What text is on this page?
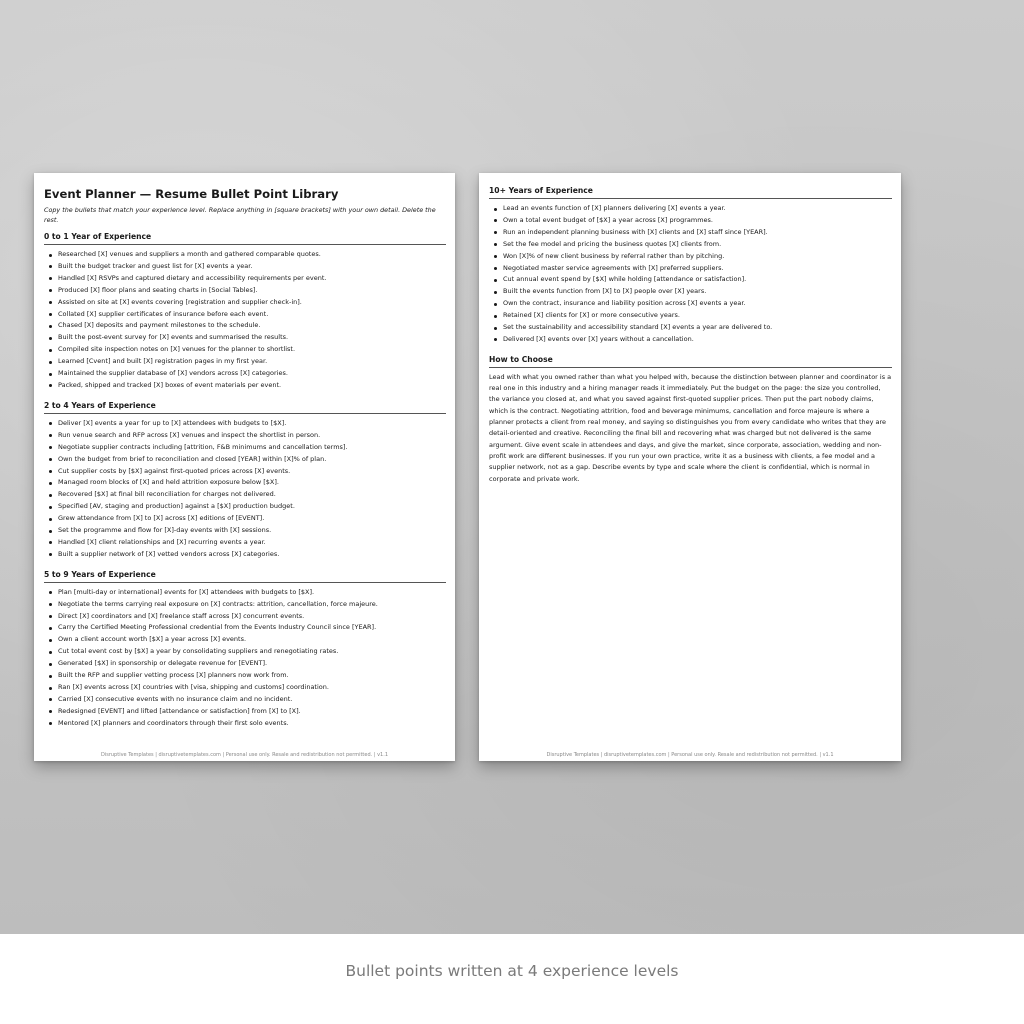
Event Planner — Resume Bullet Point Library

Copy the bullets that match your experience level. Replace anything in [square brackets] with your own detail. Delete the rest.

0 to 1 Year of Experience
Researched [X] venues and suppliers a month and gathered comparable quotes.
Built the budget tracker and guest list for [X] events a year.
Handled [X] RSVPs and captured dietary and accessibility requirements per event.
Produced [X] floor plans and seating charts in [Social Tables].
Assisted on site at [X] events covering [registration and supplier check-in].
Collated [X] supplier certificates of insurance before each event.
Chased [X] deposits and payment milestones to the schedule.
Built the post-event survey for [X] events and summarised the results.
Compiled site inspection notes on [X] venues for the planner to shortlist.
Learned [Cvent] and built [X] registration pages in my first year.
Maintained the supplier database of [X] vendors across [X] categories.
Packed, shipped and tracked [X] boxes of event materials per event.
2 to 4 Years of Experience
Deliver [X] events a year for up to [X] attendees with budgets to [$X].
Run venue search and RFP across [X] venues and inspect the shortlist in person.
Negotiate supplier contracts including [attrition, F&B minimums and cancellation terms].
Own the budget from brief to reconciliation and closed [YEAR] within [X]% of plan.
Cut supplier costs by [$X] against first-quoted prices across [X] events.
Managed room blocks of [X] and held attrition exposure below [$X].
Recovered [$X] at final bill reconciliation for charges not delivered.
Specified [AV, staging and production] against a [$X] production budget.
Grew attendance from [X] to [X] across [X] editions of [EVENT].
Set the programme and flow for [X]-day events with [X] sessions.
Handled [X] client relationships and [X] recurring events a year.
Built a supplier network of [X] vetted vendors across [X] categories.
5 to 9 Years of Experience
Plan [multi-day or international] events for [X] attendees with budgets to [$X].
Negotiate the terms carrying real exposure on [X] contracts: attrition, cancellation, force majeure.
Direct [X] coordinators and [X] freelance staff across [X] concurrent events.
Carry the Certified Meeting Professional credential from the Events Industry Council since [YEAR].
Own a client account worth [$X] a year across [X] events.
Cut total event cost by [$X] a year by consolidating suppliers and renegotiating rates.
Generated [$X] in sponsorship or delegate revenue for [EVENT].
Built the RFP and supplier vetting process [X] planners now work from.
Ran [X] events across [X] countries with [visa, shipping and customs] coordination.
Carried [X] consecutive events with no insurance claim and no incident.
Redesigned [EVENT] and lifted [attendance or satisfaction] from [X] to [X].
Mentored [X] planners and coordinators through their first solo events.
Disruptive Templates | disruptivetemplates.com | Personal use only. Resale and redistribution not permitted. | v1.1
10+ Years of Experience
Lead an events function of [X] planners delivering [X] events a year.
Own a total event budget of [$X] a year across [X] programmes.
Run an independent planning business with [X] clients and [X] staff since [YEAR].
Set the fee model and pricing the business quotes [X] clients from.
Won [X]% of new client business by referral rather than by pitching.
Negotiated master service agreements with [X] preferred suppliers.
Cut annual event spend by [$X] while holding [attendance or satisfaction].
Built the events function from [X] to [X] people over [X] years.
Own the contract, insurance and liability position across [X] events a year.
Retained [X] clients for [X] or more consecutive years.
Set the sustainability and accessibility standard [X] events a year are delivered to.
Delivered [X] events over [X] years without a cancellation.
How to Choose

Lead with what you owned rather than what you helped with, because the distinction between planner and coordinator is a real one in this industry and a hiring manager reads it immediately. Put the budget on the page: the size you controlled, the variance you closed at, and what you saved against first-quoted supplier prices. Then put the part nobody claims, which is the contract. Negotiating attrition, food and beverage minimums, cancellation and force majeure is where a planner protects a client from real money, and saying so distinguishes you from every candidate who writes that they are detail-oriented and creative. Reconciling the final bill and recovering what was charged but not delivered is the same argument. Give event scale in attendees and days, and give the market, since corporate, association, wedding and non-profit work are different businesses. If you run your own practice, write it as a business with clients, a fee model and a supplier network, not as a gap. Describe events by type and scale where the client is confidential, which is normal in corporate and private work.

Disruptive Templates | disruptivetemplates.com | Personal use only. Resale and redistribution not permitted. | v1.1
Bullet points written at 4 experience levels
